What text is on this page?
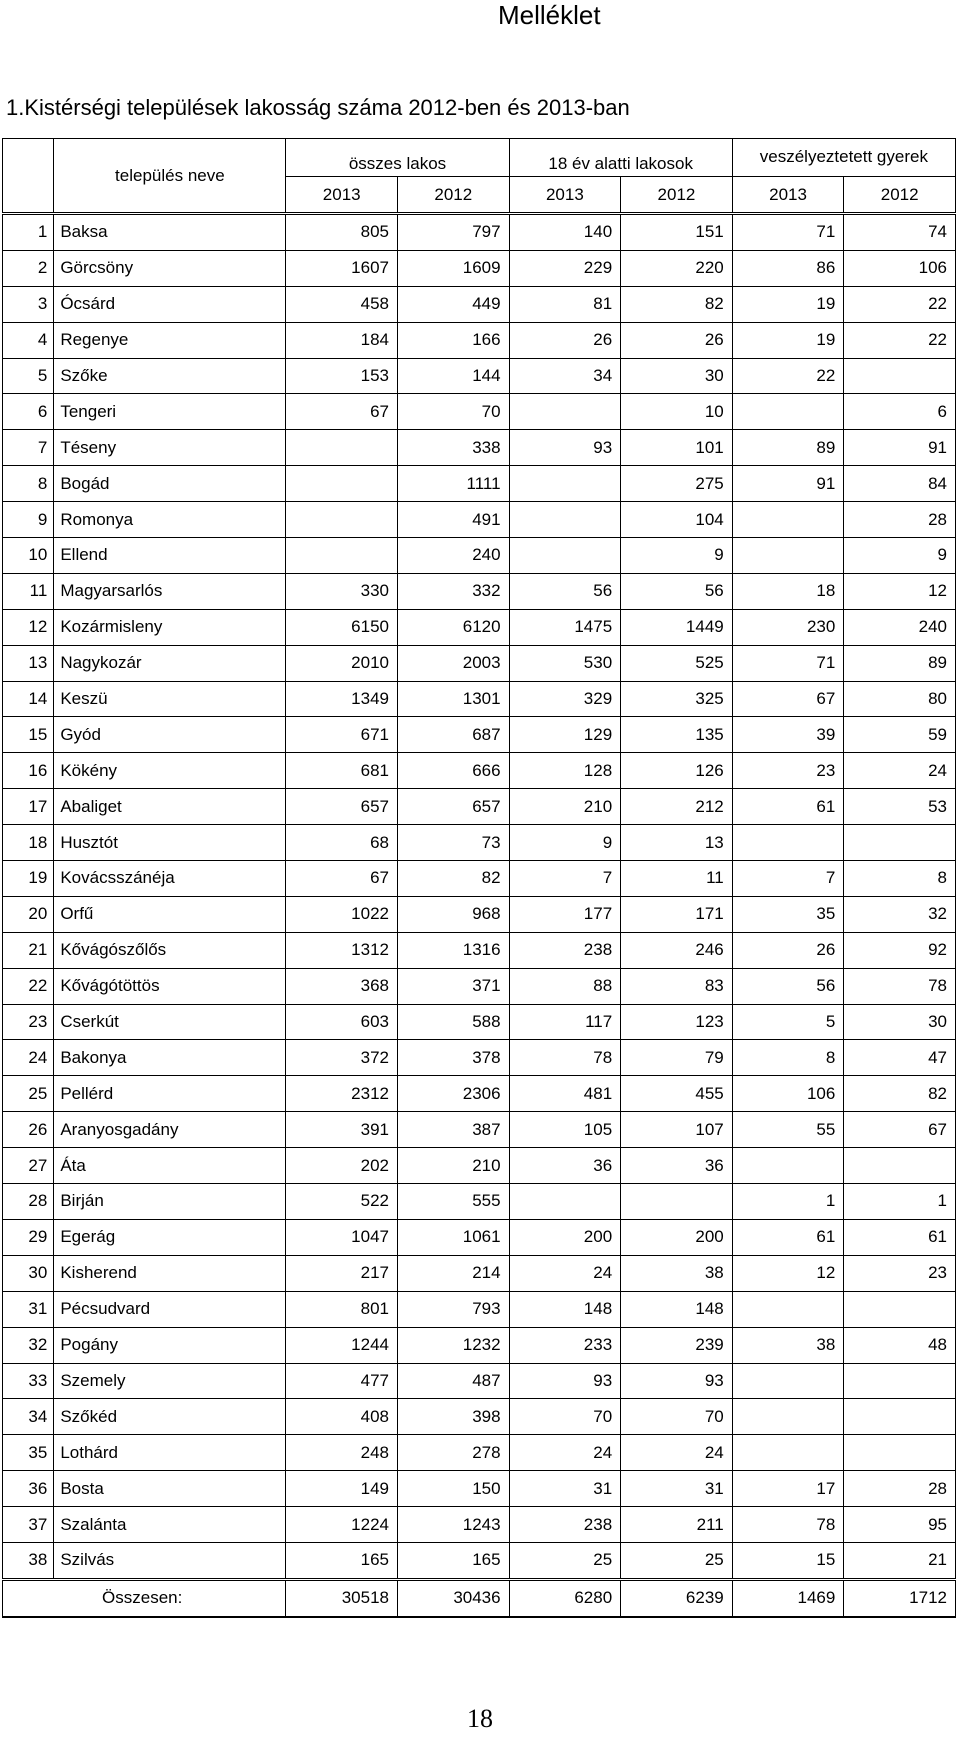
Melléklet
1.Kistérségi települések lakosság száma 2012-ben és 2013-ban
	település neve	összes lakos		18 év alatti lakosok		veszélyeztetett gyerek	
		2013	2012	2013	2012	2013	2012
1	Baksa	805	797	140	151	71	74
2	Görcsöny	1607	1609	229	220	86	106
3	Ócsárd	458	449	81	82	19	22
4	Regenye	184	166	26	26	19	22
5	Szőke	153	144	34	30	22	
6	Tengeri	67	70		10		6
7	Téseny		338	93	101	89	91
8	Bogád		1111		275	91	84
9	Romonya		491		104		28
10	Ellend		240		9		9
11	Magyarsarlós	330	332	56	56	18	12
12	Kozármisleny	6150	6120	1475	1449	230	240
13	Nagykozár	2010	2003	530	525	71	89
14	Keszü	1349	1301	329	325	67	80
15	Gyód	671	687	129	135	39	59
16	Kökény	681	666	128	126	23	24
17	Abaliget	657	657	210	212	61	53
18	Husztót	68	73	9	13		
19	Kovácsszánéja	67	82	7	11	7	8
20	Orfű	1022	968	177	171	35	32
21	Kővágószőlős	1312	1316	238	246	26	92
22	Kővágótöttös	368	371	88	83	56	78
23	Cserkút	603	588	117	123	5	30
24	Bakonya	372	378	78	79	8	47
25	Pellérd	2312	2306	481	455	106	82
26	Aranyosgadány	391	387	105	107	55	67
27	Áta	202	210	36	36		
28	Birján	522	555			1	1
29	Egerág	1047	1061	200	200	61	61
30	Kisherend	217	214	24	38	12	23
31	Pécsudvard	801	793	148	148		
32	Pogány	1244	1232	233	239	38	48
33	Szemely	477	487	93	93		
34	Szőkéd	408	398	70	70		
35	Lothárd	248	278	24	24		
36	Bosta	149	150	31	31	17	28
37	Szalánta	1224	1243	238	211	78	95
38	Szilvás	165	165	25	25	15	21
Összesen:		30518	30436	6280	6239	1469	1712
18
